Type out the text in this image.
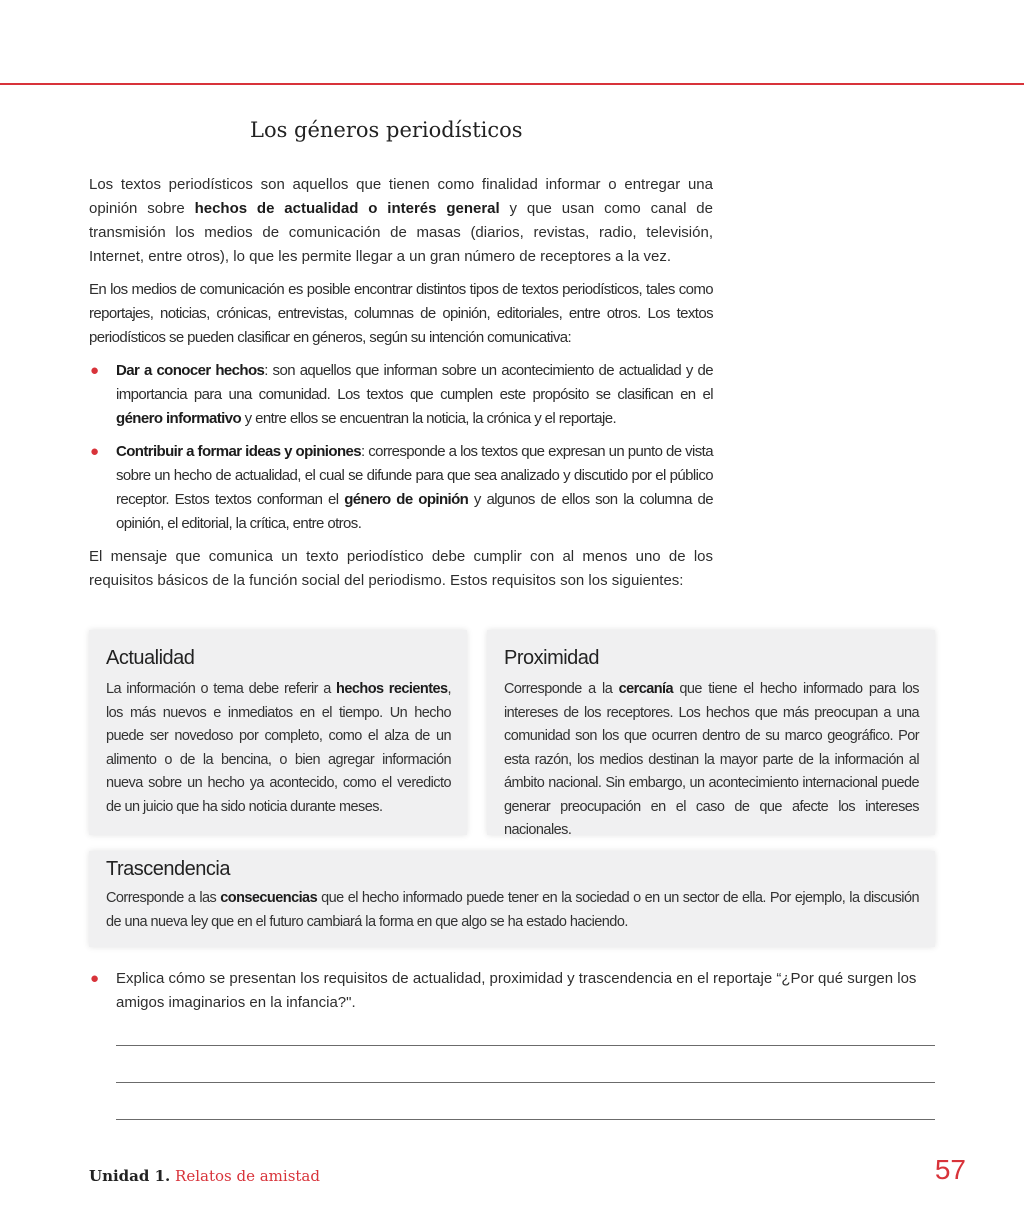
Los géneros periodísticos

Los textos periodísticos son aquellos que tienen como finalidad informar o entregar una opinión sobre hechos de actualidad o interés general y que usan como canal de transmisión los medios de comunicación de masas (diarios, revistas, radio, televisión, Internet, entre otros), lo que les permite llegar a un gran número de receptores a la vez.

En los medios de comunicación es posible encontrar distintos tipos de textos periodísticos, tales como reportajes, noticias, crónicas, entrevistas, columnas de opinión, editoriales, entre otros. Los textos periodísticos se pueden clasificar en géneros, según su intención comunicativa:

● Dar a conocer hechos: son aquellos que informan sobre un acontecimiento de actualidad y de importancia para una comunidad. Los textos que cumplen este propósito se clasifican en el género informativo y entre ellos se encuentran la noticia, la crónica y el reportaje.

● Contribuir a formar ideas y opiniones: corresponde a los textos que expresan un punto de vista sobre un hecho de actualidad, el cual se difunde para que sea analizado y discutido por el público receptor. Estos textos conforman el género de opinión y algunos de ellos son la columna de opinión, el editorial, la crítica, entre otros.

El mensaje que comunica un texto periodístico debe cumplir con al menos uno de los requisitos básicos de la función social del periodismo. Estos requisitos son los siguientes:

Actualidad

La información o tema debe referir a hechos recientes, los más nuevos e inmediatos en el tiempo. Un hecho puede ser novedoso por completo, como el alza de un alimento o de la bencina, o bien agregar información nueva sobre un hecho ya acontecido, como el veredicto de un juicio que ha sido noticia durante meses.

Proximidad

Corresponde a la cercanía que tiene el hecho informado para los intereses de los receptores. Los hechos que más preocupan a una comunidad son los que ocurren dentro de su marco geográfico. Por esta razón, los medios destinan la mayor parte de la información al ámbito nacional. Sin embargo, un acontecimiento internacional puede generar preocupación en el caso de que afecte los intereses nacionales.

Trascendencia

Corresponde a las consecuencias que el hecho informado puede tener en la sociedad o en un sector de ella. Por ejemplo, la discusión de una nueva ley que en el futuro cambiará la forma en que algo se ha estado haciendo.

●	Explica cómo se presentan los requisitos de actualidad, proximidad y trascendencia en el reportaje “¿Por qué surgen los amigos imaginarios en la infancia?".
Unidad 1. Relatos de amistad	57
